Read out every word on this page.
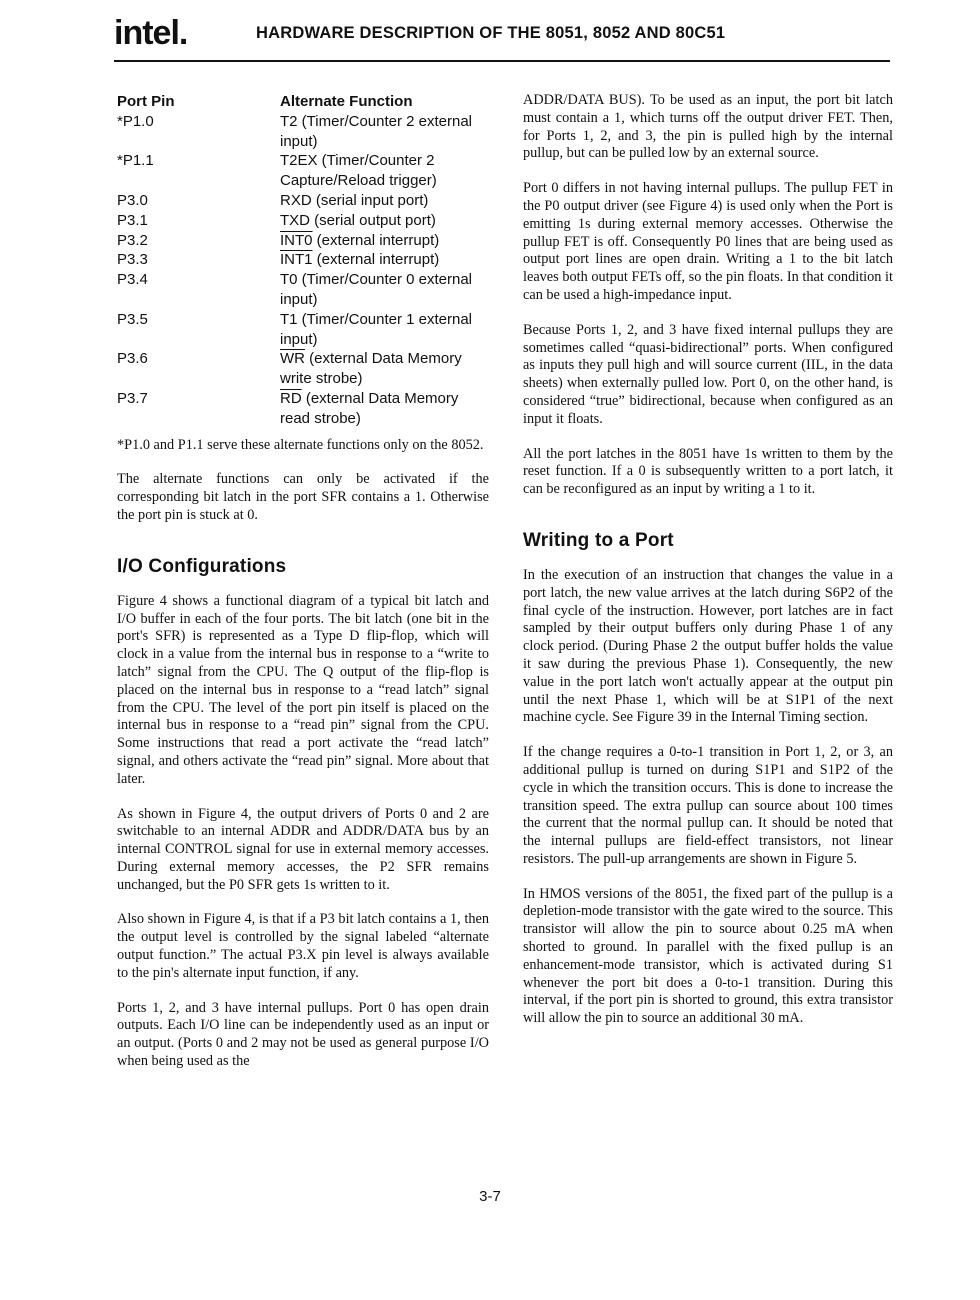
intel.	HARDWARE DESCRIPTION OF THE 8051, 8052 AND 80C51
Port Pin	Alternate Function
*P1.0	T2 (Timer/Counter 2 external input)
*P1.1	T2EX (Timer/Counter 2 Capture/Reload trigger)
P3.0	RXD (serial input port)
P3.1	TXD (serial output port)
P3.2	INT0 (external interrupt)
P3.3	INT1 (external interrupt)
P3.4	T0 (Timer/Counter 0 external input)
P3.5	T1 (Timer/Counter 1 external input)
P3.6	$\overline{WR}$ (external Data Memory write strobe)
P3.7	$\overline{RD}$ (external Data Memory read strobe)

*P1.0 and P1.1 serve these alternate functions only on the 8052.

The alternate functions can only be activated if the corresponding bit latch in the port SFR contains a 1. Otherwise the port pin is stuck at 0.

I/O Configurations

Figure 4 shows a functional diagram of a typical bit latch and I/O buffer in each of the four ports. The bit latch (one bit in the port's SFR) is represented as a Type D flip-flop, which will clock in a value from the internal bus in response to a “write to latch” signal from the CPU. The Q output of the flip-flop is placed on the internal bus in response to a “read latch” signal from the CPU. The level of the port pin itself is placed on the internal bus in response to a “read pin” signal from the CPU. Some instructions that read a port activate the “read latch” signal, and others activate the “read pin” signal. More about that later.

As shown in Figure 4, the output drivers of Ports 0 and 2 are switchable to an internal ADDR and ADDR/DATA bus by an internal CONTROL signal for use in external memory accesses. During external memory accesses, the P2 SFR remains unchanged, but the P0 SFR gets 1s written to it.

Also shown in Figure 4, is that if a P3 bit latch contains a 1, then the output level is controlled by the signal labeled “alternate output function.” The actual P3.X pin level is always available to the pin's alternate input function, if any.

Ports 1, 2, and 3 have internal pullups. Port 0 has open drain outputs. Each I/O line can be independently used as an input or an output. (Ports 0 and 2 may not be used as general purpose I/O when being used as the

ADDR/DATA BUS). To be used as an input, the port bit latch must contain a 1, which turns off the output driver FET. Then, for Ports 1, 2, and 3, the pin is pulled high by the internal pullup, but can be pulled low by an external source.

Port 0 differs in not having internal pullups. The pullup FET in the P0 output driver (see Figure 4) is used only when the Port is emitting 1s during external memory accesses. Otherwise the pullup FET is off. Consequently P0 lines that are being used as output port lines are open drain. Writing a 1 to the bit latch leaves both output FETs off, so the pin floats. In that condition it can be used a high-impedance input.

Because Ports 1, 2, and 3 have fixed internal pullups they are sometimes called “quasi-bidirectional” ports. When configured as inputs they pull high and will source current (IIL, in the data sheets) when externally pulled low. Port 0, on the other hand, is considered “true” bidirectional, because when configured as an input it floats.

All the port latches in the 8051 have 1s written to them by the reset function. If a 0 is subsequently written to a port latch, it can be reconfigured as an input by writing a 1 to it.

Writing to a Port

In the execution of an instruction that changes the value in a port latch, the new value arrives at the latch during S6P2 of the final cycle of the instruction. However, port latches are in fact sampled by their output buffers only during Phase 1 of any clock period. (During Phase 2 the output buffer holds the value it saw during the previous Phase 1). Consequently, the new value in the port latch won't actually appear at the output pin until the next Phase 1, which will be at S1P1 of the next machine cycle. See Figure 39 in the Internal Timing section.

If the change requires a 0-to-1 transition in Port 1, 2, or 3, an additional pullup is turned on during S1P1 and S1P2 of the cycle in which the transition occurs. This is done to increase the transition speed. The extra pullup can source about 100 times the current that the normal pullup can. It should be noted that the internal pullups are field-effect transistors, not linear resistors. The pull-up arrangements are shown in Figure 5.

In HMOS versions of the 8051, the fixed part of the pullup is a depletion-mode transistor with the gate wired to the source. This transistor will allow the pin to source about 0.25 mA when shorted to ground. In parallel with the fixed pullup is an enhancement-mode transistor, which is activated during S1 whenever the port bit does a 0-to-1 transition. During this interval, if the port pin is shorted to ground, this extra transistor will allow the pin to source an additional 30 mA.

3-7
